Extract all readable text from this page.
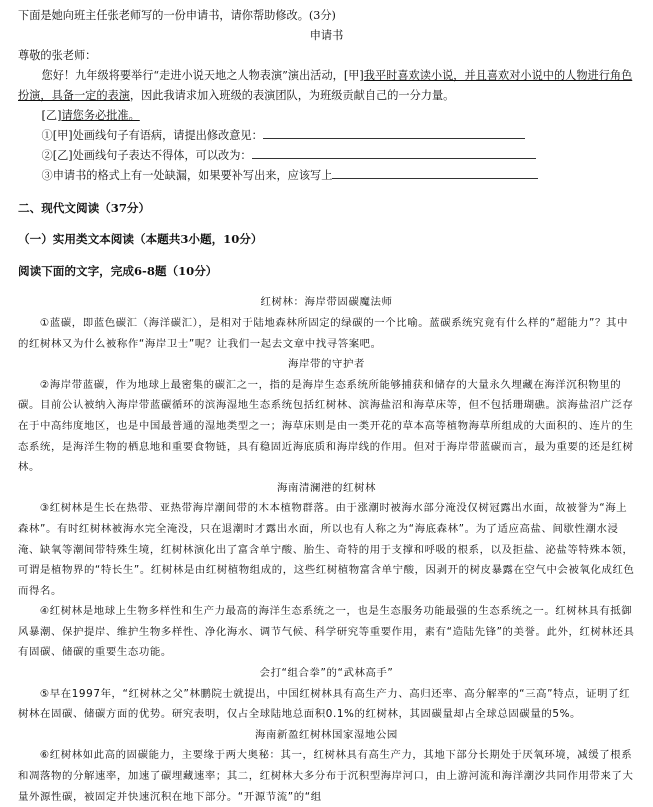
下面是她向班主任张老师写的一份申请书，请你帮助修改。(3分)

申请书

尊敬的张老师：

您好！九年级将要举行“走进小说天地之人物表演”演出活动，[甲]我平时喜欢读小说，并且喜欢对小说中的人物进行角色扮演，具备一定的表演，因此我请求加入班级的表演团队，为班级贡献自己的一分力量。

[乙]请您务必批准。

①[甲]处画线句子有语病，请提出修改意见：
②[乙]处画线句子表达不得体，可以改为：
③申请书的格式上有一处缺漏，如果要补写出来，应该写上

二、现代文阅读（37分）

（一）实用类文本阅读（本题共3小题，10分）

阅读下面的文字，完成6-8题（10分）

红树林：海岸带固碳魔法师

①蓝碳，即蓝色碳汇（海洋碳汇），是相对于陆地森林所固定的绿碳的一个比喻。蓝碳系统究竟有什么样的“超能力”？其中的红树林又为什么被称作“海岸卫士”呢？让我们一起去文章中找寻答案吧。

海岸带的守护者

②海岸带蓝碳，作为地球上最密集的碳汇之一，指的是海岸生态系统所能够捕获和储存的大量永久埋藏在海洋沉积物里的碳。目前公认被纳入海岸带蓝碳循环的滨海湿地生态系统包括红树林、滨海盐沼和海草床等，但不包括珊瑚礁。滨海盐沼广泛存在于中高纬度地区，也是中国最普通的湿地类型之一；海草床则是由一类开花的草本高等植物海草所组成的大面积的、连片的生态系统，是海洋生物的栖息地和重要食物链，具有稳固近海底质和海岸线的作用。但对于海岸带蓝碳而言，最为重要的还是红树林。

海南清澜港的红树林

③红树林是生长在热带、亚热带海岸潮间带的木本植物群落。由于涨潮时被海水部分淹没仅树冠露出水面，故被誉为“海上森林”。有时红树林被海水完全淹没，只在退潮时才露出水面，所以也有人称之为“海底森林”。为了适应高盐、间歇性潮水浸淹、缺氧等潮间带特殊生境，红树林演化出了富含单宁酸、胎生、奇特的用于支撑和呼吸的根系，以及拒盐、泌盐等特殊本领，可谓是植物界的“特长生”。红树林是由红树植物组成的，这些红树植物富含单宁酸，因剥开的树皮暴露在空气中会被氧化成红色而得名。

④红树林是地球上生物多样性和生产力最高的海洋生态系统之一，也是生态服务功能最强的生态系统之一。红树林具有抵御风暴潮、保护提岸、维护生物多样性、净化海水、调节气候、科学研究等重要作用，素有“造陆先锋”的美誉。此外，红树林还具有固碳、储碳的重要生态功能。

会打“组合拳”的“武林高手”

⑤早在1997年，“红树林之父”林鹏院士就提出，中国红树林具有高生产力、高归还率、高分解率的“三高”特点，证明了红树林在固碳、储碳方面的优势。研究表明，仅占全球陆地总面积0.1%的红树林，其固碳量却占全球总固碳量的5%。

海南新盈红树林国家湿地公园

⑥红树林如此高的固碳能力，主要缘于两大奥秘：其一，红树林具有高生产力，其地下部分长期处于厌氧环境，减缓了根系和凋落物的分解速率，加速了碳埋藏速率；其二，红树林大多分布于沉积型海岸河口，由上游河流和海洋潮汐共同作用带来了大量外源性碳，被固定并快速沉积在地下部分。“开源节流”的“组
